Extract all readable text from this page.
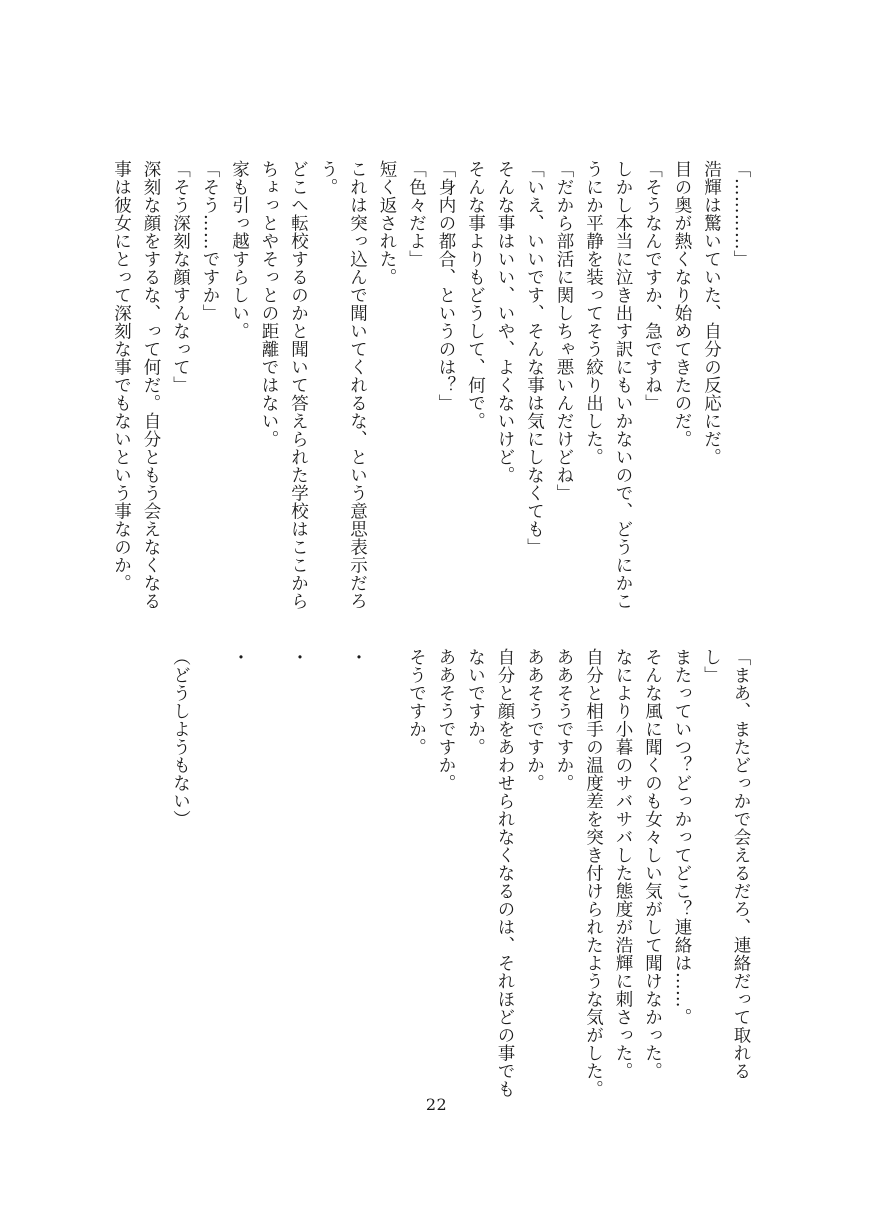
「…………」
浩輝は驚いていた、自分の反応にだ。
目の奥が熱くなり始めてきたのだ。
「そうなんですか、急ですね」
しかし本当に泣き出す訳にもいかないので、どうにかこ
うにか平静を装ってそう絞り出した。
「だから部活に関しちゃ悪いんだけどね」
「いえ、いいです、そんな事は気にしなくても」
そんな事はいい、いや、よくないけど。
そんな事よりもどうして、何で。
「身内の都合、というのは？」
「色々だよ」
短く返された。
これは突っ込んで聞いてくれるな、という意思表示だろ
う。
どこへ転校するのかと聞いて答えられた学校はここから
ちょっとやそっとの距離ではない。
家も引っ越すらしい。
「そう……ですか」
「そう深刻な顔すんなって」
深刻な顔をするな、って何だ。自分ともう会えなくなる
事は彼女にとって深刻な事でもないという事なのか。
「まあ、またどっかで会えるだろ、連絡だって取れる
し」
またっていつ？どっかってどこ？連絡は……。
そんな風に聞くのも女々しい気がして聞けなかった。
なにより小暮のサバサバした態度が浩輝に刺さった。
自分と相手の温度差を突き付けられたような気がした。
ああそうですか。
ああそうですか。
自分と顔をあわせられなくなるのは、それほどの事でも
ないですか。
ああそうですか。
そうですか。
・
・
・
（どうしようもない）
22
